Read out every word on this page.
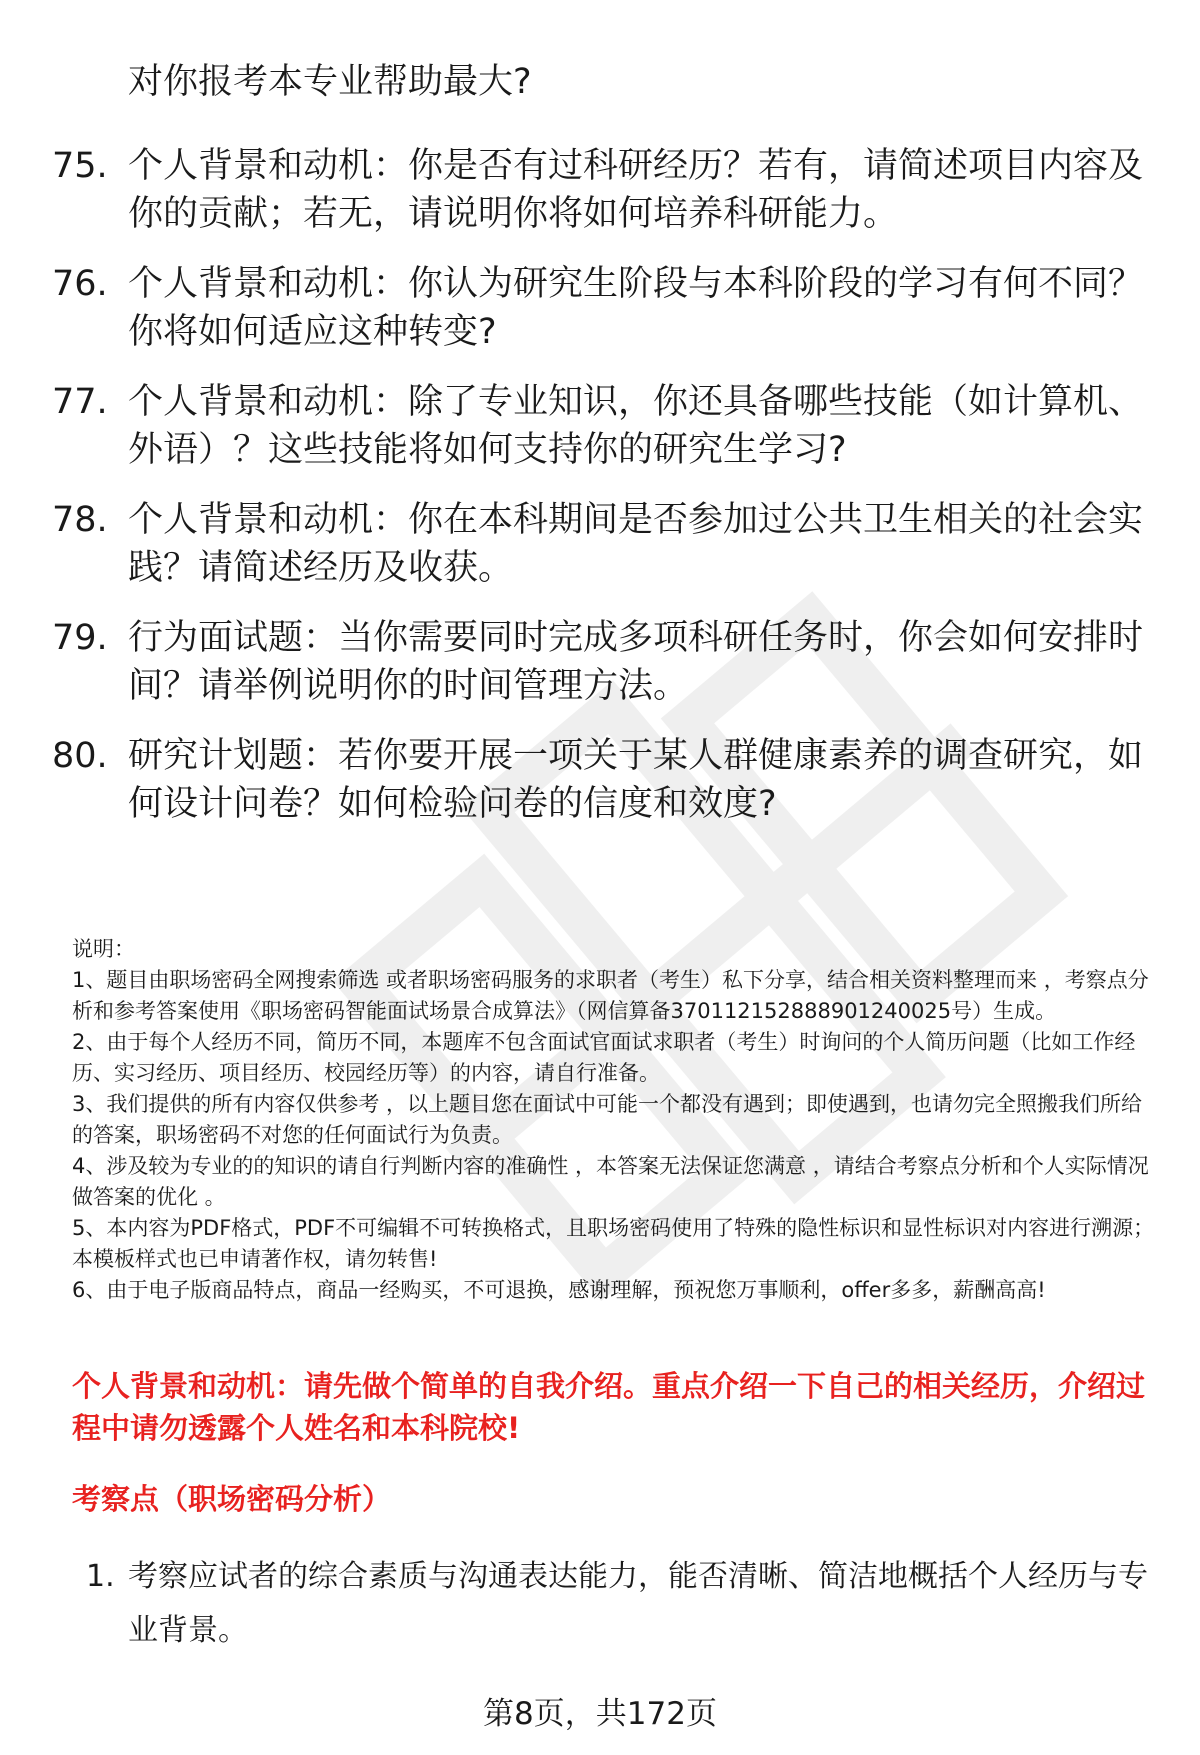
对你报考本专业帮助最大?

75. 个人背景和动机：你是否有过科研经历？若有，请简述项目内容及你的贡献；若无，请说明你将如何培养科研能力。
76. 个人背景和动机：你认为研究生阶段与本科阶段的学习有何不同？你将如何适应这种转变?
77. 个人背景和动机：除了专业知识，你还具备哪些技能（如计算机、外语）？这些技能将如何支持你的研究生学习?
78. 个人背景和动机：你在本科期间是否参加过公共卫生相关的社会实践？请简述经历及收获。
79. 行为面试题：当你需要同时完成多项科研任务时，你会如何安排时间？请举例说明你的时间管理方法。
80. 研究计划题：若你要开展一项关于某人群健康素养的调查研究，如何设计问卷？如何检验问卷的信度和效度?

说明：

1、题目由职场密码全网搜索筛选 或者职场密码服务的求职者（考生）私下分享，结合相关资料整理而来 ，考察点分析和参考答案使用《职场密码智能面试场景合成算法》（网信算备370112152888901240025号）生成。

2、由于每个人经历不同，简历不同，本题库不包含面试官面试求职者（考生）时询问的个人简历问题（比如工作经历、实习经历、项目经历、校园经历等）的内容，请自行准备。

3、我们提供的所有内容仅供参考 ，以上题目您在面试中可能一个都没有遇到；即使遇到，也请勿完全照搬我们所给的答案，职场密码不对您的任何面试行为负责。

4、涉及较为专业的的知识的请自行判断内容的准确性 ，本答案无法保证您满意 ，请结合考察点分析和个人实际情况做答案的优化 。

5、本内容为PDF格式，PDF不可编辑不可转换格式，且职场密码使用了特殊的隐性标识和显性标识对内容进行溯源；本模板样式也已申请著作权，请勿转售!

6、由于电子版商品特点，商品一经购买，不可退换，感谢理解，预祝您万事顺利，offer多多，薪酬高高!

个人背景和动机：请先做个简单的自我介绍。重点介绍一下自己的相关经历，介绍过程中请勿透露个人姓名和本科院校!

考察点（职场密码分析）

1. 考察应试者的综合素质与沟通表达能力，能否清晰、简洁地概括个人经历与专业背景。
第8页，共172页
